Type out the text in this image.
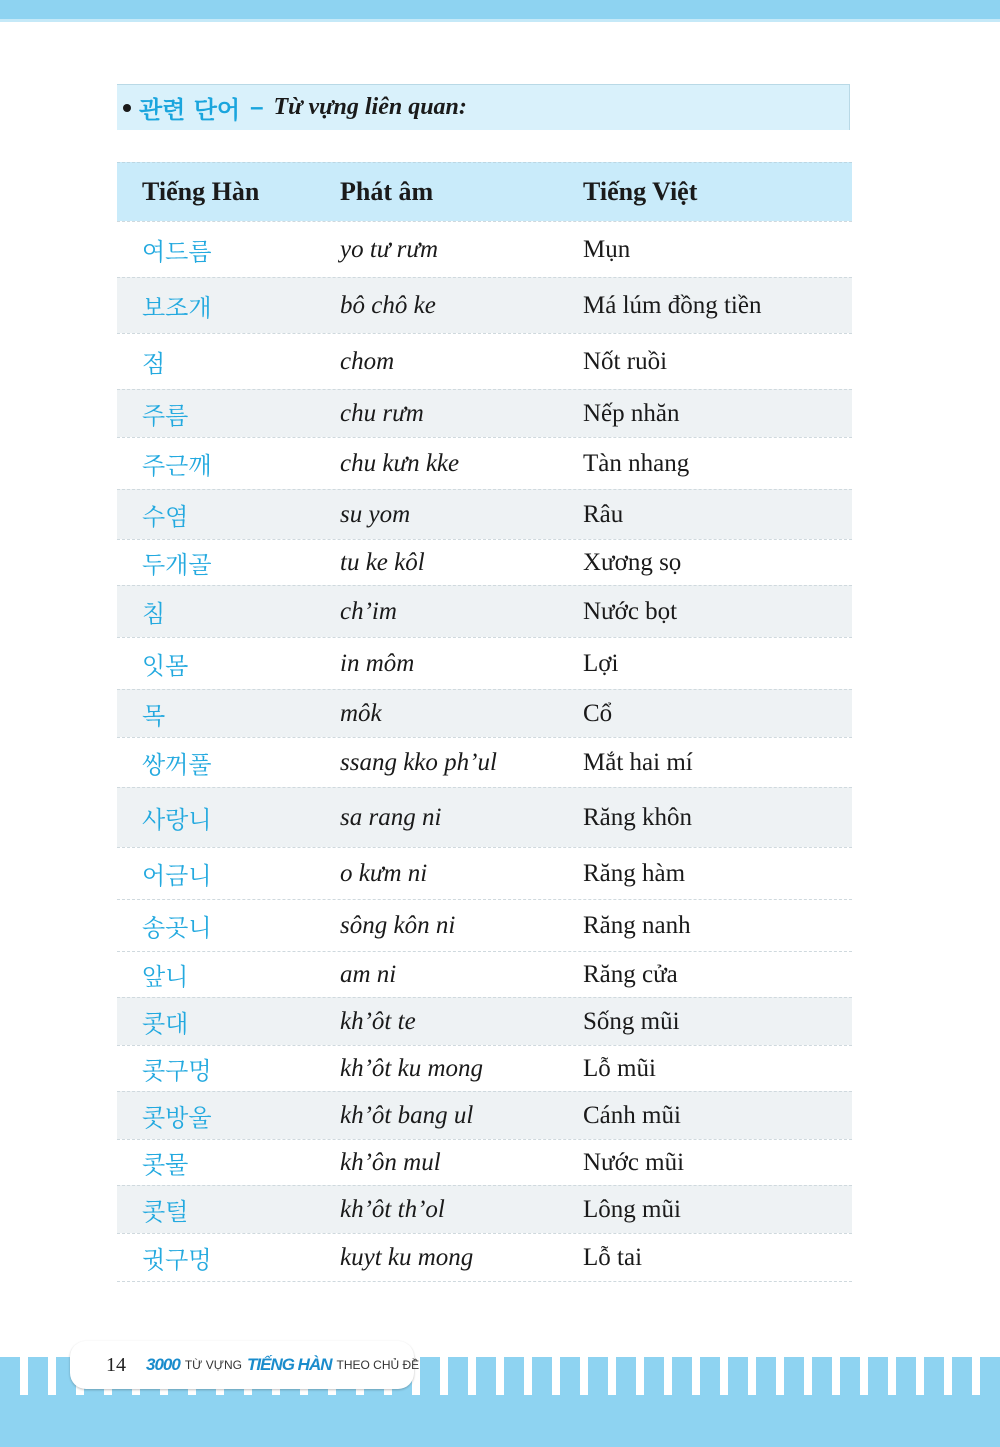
관련 단어 – Từ vựng liên quan:
Tiếng Hàn	Phát âm	Tiếng Việt
여드름	yo tư rưm	Mụn
보조개	bô chô ke	Má lúm đồng tiền
점	chom	Nốt ruồi
주름	chu rưm	Nếp nhăn
주근깨	chu kưn kke	Tàn nhang
수염	su yom	Râu
두개골	tu ke kôl	Xương sọ
침	ch’im	Nước bọt
잇몸	in môm	Lợi
목	môk	Cổ
쌍꺼풀	ssang kko ph’ul	Mắt hai mí
사랑니	sa rang ni	Răng khôn
어금니	o kưm ni	Răng hàm
송곳니	sông kôn ni	Răng nanh
앞니	am ni	Răng cửa
콧대	kh’ôt te	Sống mũi
콧구멍	kh’ôt ku mong	Lỗ mũi
콧방울	kh’ôt bang ul	Cánh mũi
콧물	kh’ôn mul	Nước mũi
콧털	kh’ôt th’ol	Lông mũi
귓구멍	kuyt ku mong	Lỗ tai
14 3000 TỪ VỰNG TIẾNG HÀN THEO CHỦ ĐỀ
